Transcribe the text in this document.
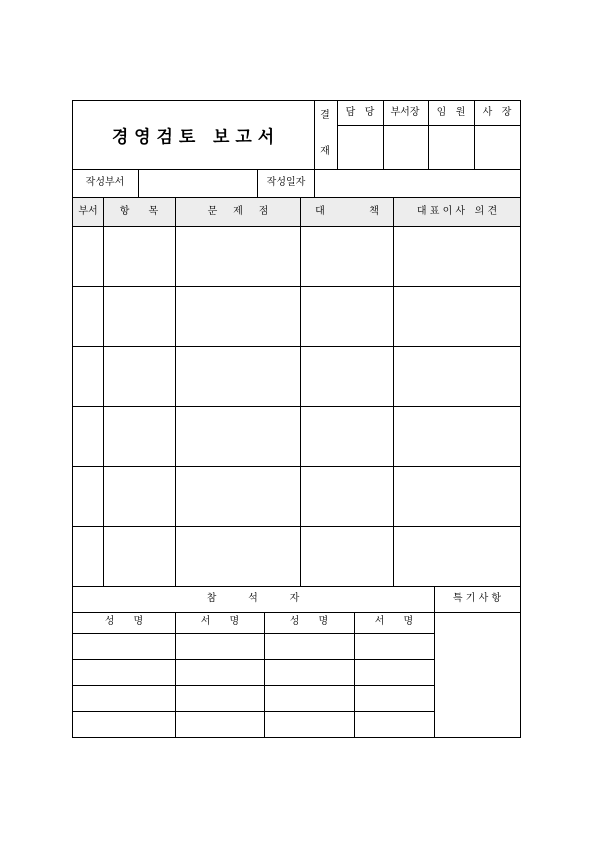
경 영 검 토   보 고 서
결
재
담   당 부서장 임   원 사   장
작성부서	작성일자
부서 항      목	문     제     점	대              책	대 표 이 사   의 견
참          석          자	특 기 사 항
성      명	서      명	성      명	서      명
